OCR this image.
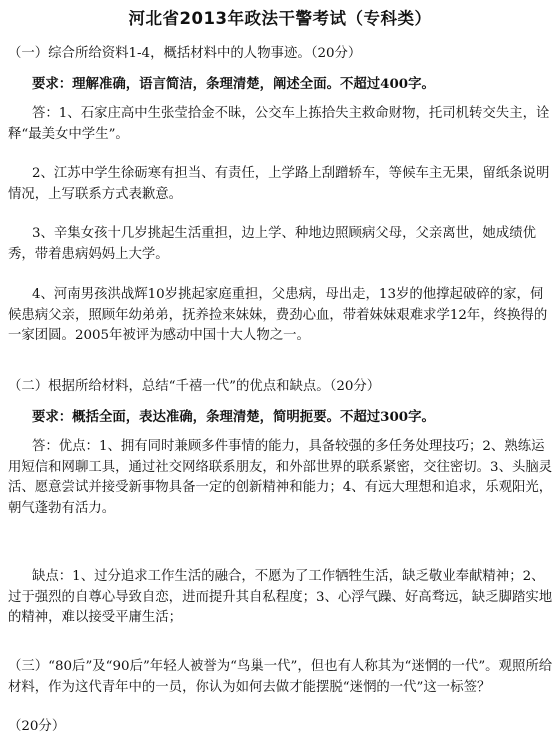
河北省2013年政法干警考试（专科类）
（一）综合所给资料1-4，概括材料中的人物事迹。（20分）
要求：理解准确，语言简洁，条理清楚，阐述全面。不超过400字。
答：1、石家庄高中生张莹拾金不昧，公交车上拣拾失主救命财物，托司机转交失主，诠释“最美女中学生”。
2、江苏中学生徐砺寒有担当、有责任，上学路上刮蹭轿车，等候车主无果，留纸条说明情况，上写联系方式表歉意。
3、辛集女孩十几岁挑起生活重担，边上学、种地边照顾病父母，父亲离世，她成绩优秀，带着患病妈妈上大学。
4、河南男孩洪战辉10岁挑起家庭重担，父患病，母出走，13岁的他撑起破碎的家，伺候患病父亲，照顾年幼弟弟，抚养捡来妹妹，费劲心血，带着妹妹艰难求学12年，终换得的一家团圆。2005年被评为感动中国十大人物之一。
（二）根据所给材料，总结“千禧一代”的优点和缺点。（20分）
要求：概括全面，表达准确，条理清楚，简明扼要。不超过300字。
答：优点：1、拥有同时兼顾多件事情的能力，具备较强的多任务处理技巧；2、熟练运用短信和网聊工具，通过社交网络联系朋友，和外部世界的联系紧密，交往密切。3、头脑灵活、愿意尝试并接受新事物具备一定的创新精神和能力；4、有远大理想和追求，乐观阳光，朝气蓬勃有活力。
缺点：1、过分追求工作生活的融合，不愿为了工作牺牲生活，缺乏敬业奉献精神；2、过于强烈的自尊心导致自恋，进而提升其自私程度；3、心浮气躁、好高骛远，缺乏脚踏实地的精神，难以接受平庸生活；
（三）“80后”及“90后”年轻人被誉为“鸟巢一代”，但也有人称其为“迷惘的一代”。观照所给材料，作为这代青年中的一员，你认为如何去做才能摆脱“迷惘的一代”这一标签？
（20分）
